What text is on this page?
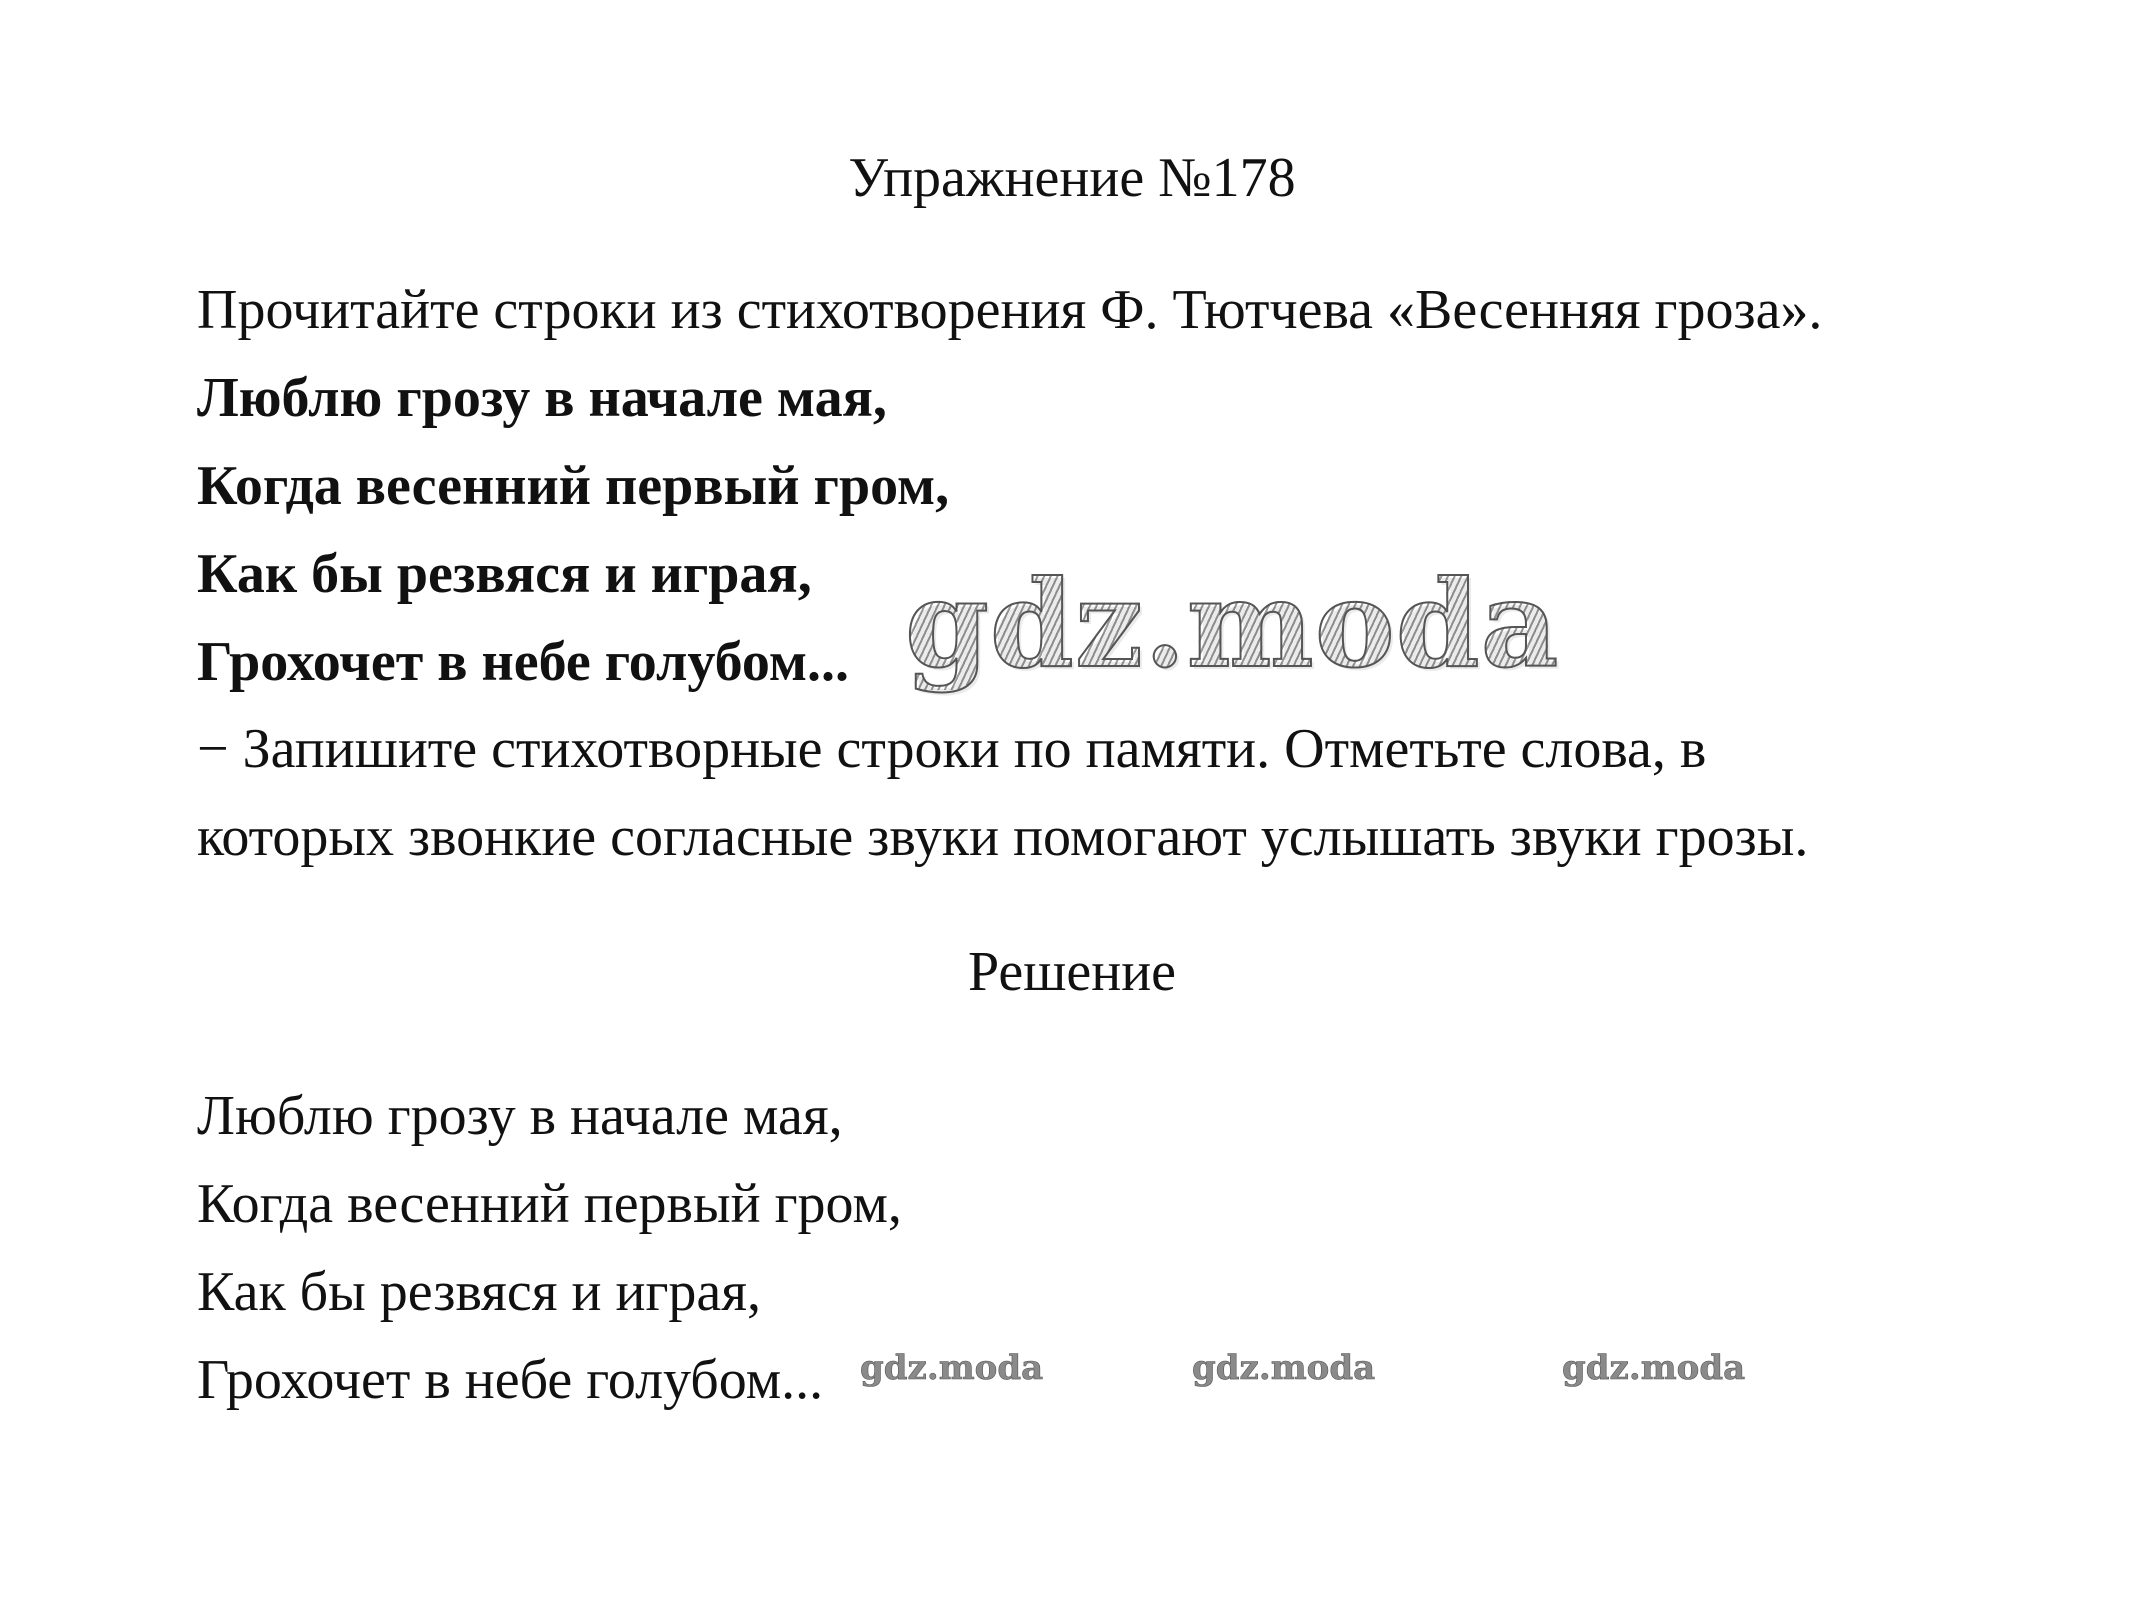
Упражнение №178
Прочитайте строки из стихотворения Ф. Тютчева «Весенняя гроза».
Люблю грозу в начале мая,
Когда весенний первый гром,
Как бы резвяся и играя,
Грохочет в небе голубом...
− Запишите стихотворные строки по памяти. Отметьте слова, в
которых звонкие согласные звуки помогают услышать звуки грозы.
Решение
Люблю грозу в начале мая,
Когда весенний первый гром,
Как бы резвяся и играя,
Грохочет в небе голубом...
gdz.moda
gdz.moda	gdz.moda	gdz.moda
